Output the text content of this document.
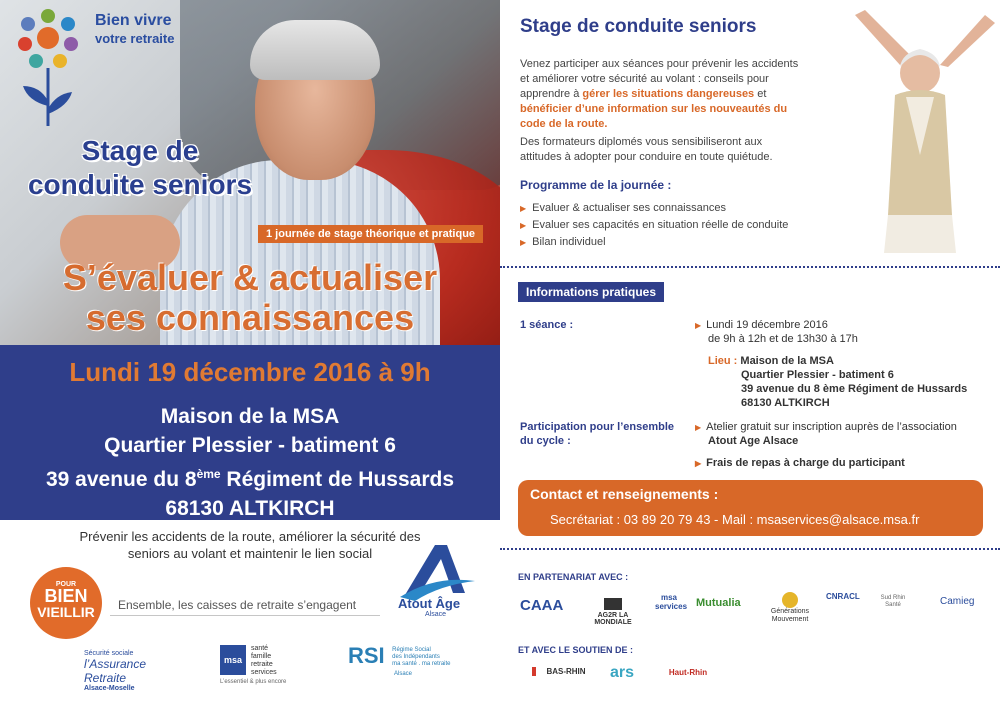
Bien vivre
votre retraite
Stage de
conduite seniors
1 journée de stage théorique et pratique
S’évaluer & actualiser
ses connaissances
Lundi 19 décembre 2016 à 9h
Maison de la MSA
Quartier Plessier - batiment 6
39 avenue du 8ème Régiment de Hussards
68130 ALTKIRCH
Prévenir les accidents de la route, améliorer la sécurité des seniors au volant et maintenir le lien social
POUR
BIEN
VIEILLIR	Ensemble, les caisses de retraite s’engagent	Atout Âge
Alsace
Sécurité sociale
l’Assurance
Retraite
Alsace-Moselle
msa
santé
famille
retraite
services
L’essentiel & plus encore
RSI Régime Social
des Indépendants
ma santé . ma retraite
Alsace
Stage de conduite seniors
Venez participer aux séances pour prévenir les accidents et améliorer votre sécurité au volant : conseils pour apprendre à gérer les situations dangereuses et bénéficier d’une information sur les nouveautés du code de la route.
Des formateurs diplomés vous sensibiliseront aux attitudes à adopter pour conduire en toute quiétude.
Programme de la journée :
▶ Evaluer & actualiser ses connaissances
▶ Evaluer ses capacités en situation réelle de conduite
▶ Bilan individuel
Informations pratiques
1 séance :	▶ Lundi 19 décembre 2016
de 9h à 12h et de 13h30 à 17h
Lieu : Maison de la MSA
Quartier Plessier - batiment 6
39 avenue du 8 ème Régiment de Hussards
68130 ALTKIRCH
Participation pour l’ensemble
du cycle :
▶ Atelier gratuit sur inscription auprès de l’association
Atout Age Alsace
▶ Frais de repas à charge du participant
Contact et renseignements :
Secrétariat : 03 89 20 79 43 - Mail : msaservices@alsace.msa.fr
EN PARTENARIAT AVEC :
CAAA
AG2R LA MONDIALE
msa services Mutualia
Générations Mouvement
CNRACL	Sud Rhin Santé	Camieg
ET AVEC LE SOUTIEN DE :
BAS-RHIN	ars	Haut-Rhin
